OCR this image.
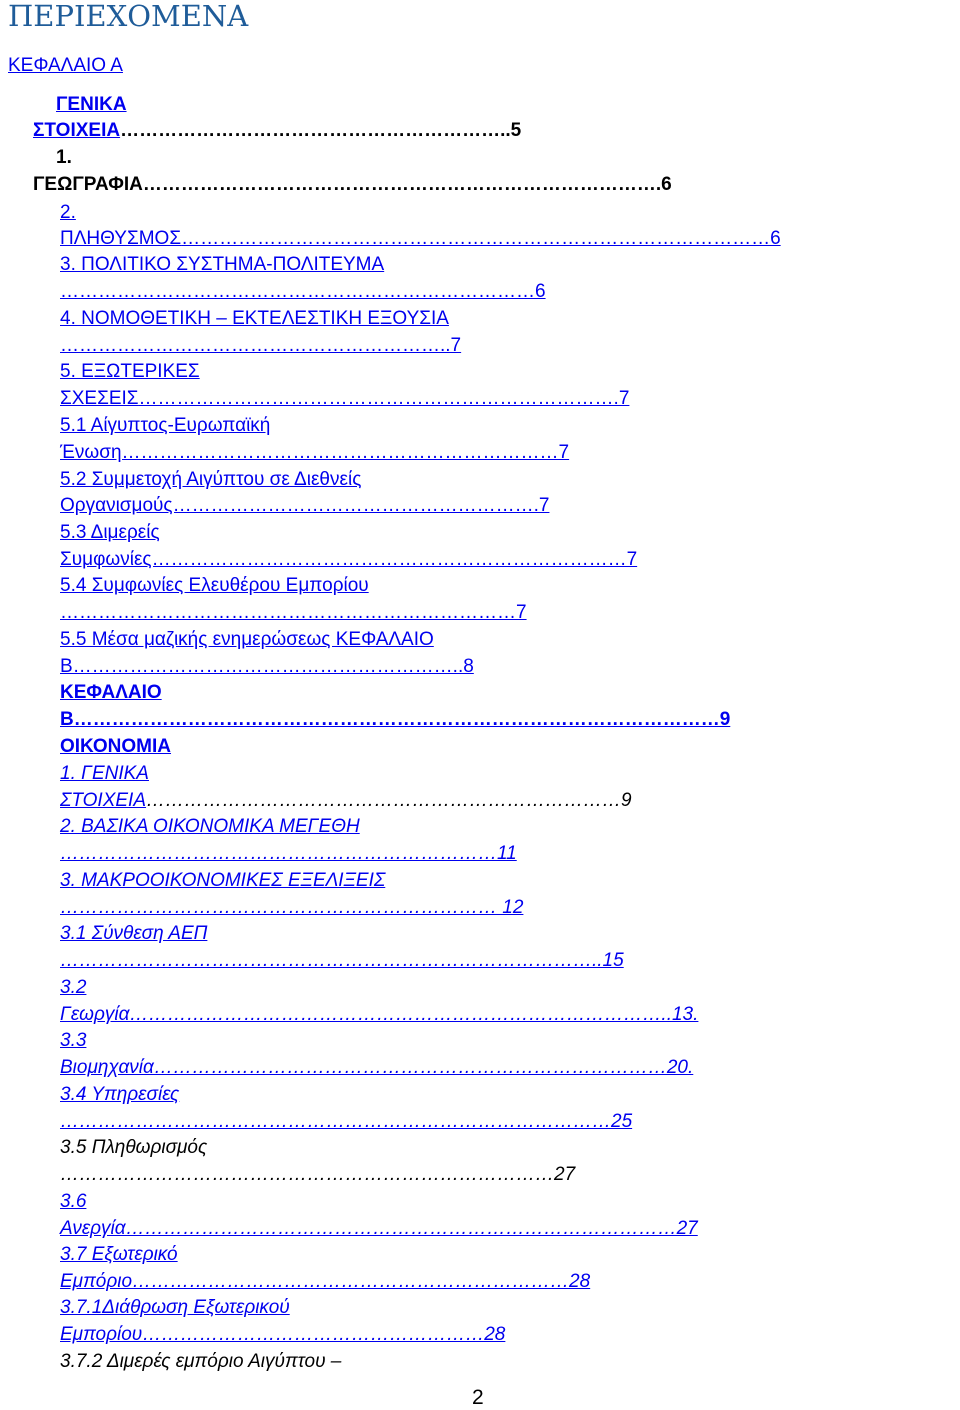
ΠΕΡΙΕΧΟΜΕΝΑ
ΚΕΦΑΛΑΙΟ Α
ΓΕΝΙΚΑ
ΣΤΟΙΧΕΙΑ……………………………………………………..5
1.
ΓΕΩΓΡΑΦΙΑ……………………………………………………………………….6
2.
ΠΛΗΘΥΣΜΟΣ…………………………………………………………………………………6
3. ΠΟΛΙΤΙΚΟ ΣΥΣΤΗΜΑ-ΠΟΛΙΤΕΥΜΑ
…………………………………………………………………6
4. ΝΟΜΟΘΕΤΙΚΗ – ΕΚΤΕΛΕΣΤΙΚΗ ΕΞΟΥΣΙΑ
……………………………………………………..7
5. ΕΞΩΤΕΡΙΚΕΣ
ΣΧΕΣΕΙΣ………………………………………………………………….7
5.1 Αίγυπτος-Ευρωπαϊκή
Ένωση……………………………………………………………7
5.2 Συμμετοχή Αιγύπτου σε Διεθνείς
Οργανισμούς………………………………………………….7
5.3 Διμερείς
Συμφωνίες…………………………………………………………………7
5.4 Συμφωνίες Ελευθέρου Εμπορίου
………………………………………………………………7
5.5 Μέσα μαζικής ενημερώσεως ΚΕΦΑΛΑΙΟ
Β……………………………………………………..8
ΚΕΦΑΛΑΙΟ
Β…………………………………………………………………………………………9
ΟΙΚΟΝΟΜΙΑ
1. ΓΕΝΙΚΑ
ΣΤΟΙΧΕΙΑ…………………………………………………………………9
2. ΒΑΣΙΚΑ ΟΙΚΟΝΟΜΙΚΑ ΜΕΓΕΘΗ
……………………………………………………………11
3. ΜΑΚΡΟΟΙΚΟΝΟΜΙΚΕΣ ΕΞΕΛΙΞΕΙΣ
…………………………………………………………… 12
3.1 Σύνθεση ΑΕΠ
…………………………………………………………………………..15
3.2
Γεωργία…………………………………………………………………………..13.
3.3
Βιομηχανία………………………………………………………………………20.
3.4 Υπηρεσίες
……………………………………………………………………………25
3.5 Πληθωρισμός
……………………………………………………………………27
3.6
Ανεργία……………………………………………………………………………27
3.7 Εξωτερικό
Εμπόριο……………………………………………………………28
3.7.1Διάθρωση Εξωτερικού
Εμπορίου………………………………………………28
3.7.2 Διμερές εμπόριο Αιγύπτου –
2
